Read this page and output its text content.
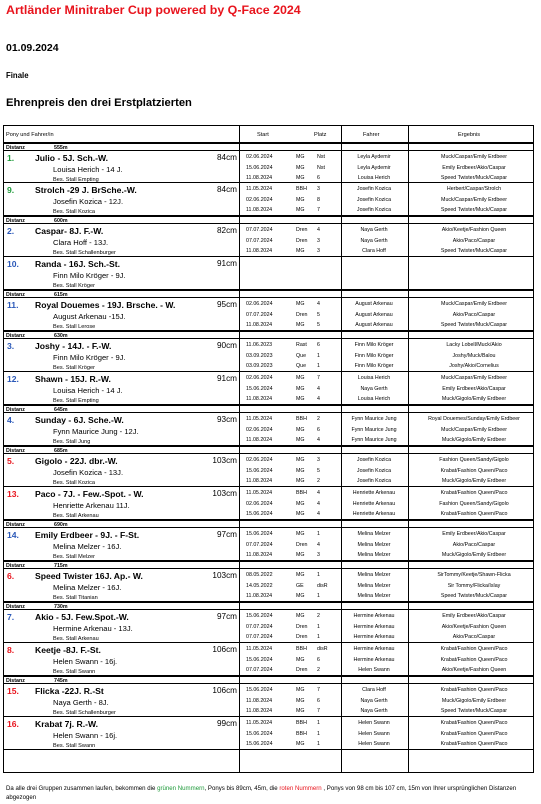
Artländer Minitraber Cup powered by Q-Face 2024
01.09.2024
Finale
Ehrenpreis den drei Erstplatzierten
Pony und Fahrer/in	Start	Platz	Fahrer	Ergebnis
Distanz	555m
1. Julio - 5J. Sch.-W.	84cm
Louisa Herich - 14 J.
Bes. Stall Empting
02.06.2024	MG Nst	Leyla Aydemir	Muck/Caspar/Emily Erdbeer
15.06.2024	MG Nst	Leyla Aydemir	Emily Erdbeer/Akio/Caspar
11.08.2024	MG 6	Louisa Herich	Speed Twister/Muck/Caspar
9. Strolch -29 J. BrSche.-W.	84cm
Josefin Kozica - 12J.
Bes. Stall Kozica
11.05.2024	BBH 3	Josefin Kozica	Herbert/Caspar/Strolch
02.06.2024	MG 8	Josefin Kozica	Muck/Caspar/Emily Erdbeer
11.08.2024	MG 7	Josefin Kozica	Speed Twister/Muck/Caspar
Distanz	600m
2. Caspar- 8J. F.-W.	82cm
Clara Hoff - 13J.
Bes. Stall Schallenburger
07.07.2024	Dren 4	Naya Gerth	Akio/Keetje/Fashion Queen
07.07.2024	Dren 3	Naya Gerth	Akio/Paco/Caspar
11.08.2024	MG 3	Clara Hoff	Speed Twister/Muck/Caspar
10. Randa - 16J. Sch.-St.	91cm
Finn Milo Kröger - 9J.
Bes. Stall Kröger
Distanz	615m
11. Royal Douemes - 19J. Brsche. - W.	95cm
August Arkenau -15J.
Bes. Stall Lerose
02.06.2024	MG 4	August Arkenau	Muck/Caspar/Emily Erdbeer
07.07.2024	Dren 5	August Arkenau	Akio/Paco/Caspar
11.08.2024	MG 5	August Arkenau	Speed Twister/Muck/Caspar
Distanz	630m
3. Joshy - 14J. - F.-W.	90cm
Finn Milo Kröger - 9J.
Bes. Stall Kröger
11.06.2023	Rast 6	Finn Milo Kröger	Lacky Lobell/Muck/Akio
03.09.2023	Que 1	Finn Milo Kröger	Joshy/Muck/Balou
03.09.2023	Que 1	Finn Milo Kröger	Joshy/Akio/Cornelius
12. Shawn - 15J. R.-W.	91cm
Louisa Herich - 14 J.
Bes. Stall Empting
02.06.2024	MG 7	Louisa Herich	Muck/Caspar/Emily Erdbeer
15.06.2024	MG 4	Naya Gerth	Emily Erdbeer/Akio/Caspar
11.08.2024	MG 4	Louisa Herich	Muck/Gigolo/Emily Erdbeer
Distanz	645m
4. Sunday - 6J. Sche.-W.	93cm
Fynn Maurice Jung - 12J.
Bes. Stall Jung
11.05.2024	BBH 2	Fynn Maurice Jung	Royal Douemes/Sunday/Emily Erdbeer
02.06.2024	MG 6	Fynn Maurice Jung	Muck/Caspar/Emily Erdbeer
11.08.2024	MG 4	Fynn Maurice Jung	Muck/Gigolo/Emily Erdbeer
Distanz	685m
5. Gigolo - 22J. dbr.-W.	103cm
Josefin Kozica - 13J.
Bes. Stall Kozica
02.06.2024	MG 3	Josefin Kozica	Fashion Queen/Sandy/Gigolo
15.06.2024	MG 5	Josefin Kozica	Krabat/Fashion Queen/Paco
11.08.2024	MG 2	Josefin Kozica	Muck/Gigolo/Emily Erdbeer
13. Paco - 7J. - Few.-Spot. - W.	103cm
Henriette Arkenau 11J.
Bes. Stall Arkenau
11.05.2024	BBH 4	Henriette Arkenau	Krabat/Fashion Queen/Paco
02.06.2024	MG 4	Henriette Arkenau	Fashion Queen/Sandy/Gigolo
15.06.2024	MG 4	Henriette Arkenau	Krabat/Fashion Queen/Paco
Distanz	690m
14. Emily Erdbeer - 9J. - F-St.	97cm
Melina Melzer - 16J.
Bes. Stall Melzer
15.06.2024	MG 1	Melina Melzer	Emily Erdbeer/Akio/Caspar
07.07.2024	Dren 4	Melina Melzer	Akio/Paco/Caspar
11.08.2024	MG 3	Melina Melzer	Muck/Gigolo/Emily Erdbeer
Distanz	715m
6. Speed Twister 16J. Ap.- W.	103cm
Melina Melzer - 16J.
Bes. Stall Titanian
08.05.2022	MG 1	Melina Melzer	SirTommy/Keetje/Shawn-Flicka
14.05.2022	GE	disR	Melina Melzer	Sir Tommy/Flicka/Islay
11.08.2024	MG 1	Melina Melzer	Speed Twister/Muck/Caspar
Distanz	730m
7. Akio - 5J. Few.Spot.-W.	97cm
Hermine Arkenau - 13J.
Bes. Stall Arkenau
15.06.2024	MG 2	Hermine Arkenau	Emily Erdbeer/Akio/Caspar
07.07.2024	Dren 1	Hermine Arkenau	Akio/Keetje/Fashion Queen
07.07.2024	Dren 1	Hermine Arkenau	Akio/Paco/Caspar
8. Keetje -8J. F.-St.	106cm
Helen Swann - 16j.
Bes. Stall Swann
11.05.2024	BBH disR	Hermine Arkenau	Krabat/Fashion Queen/Paco
15.06.2024	MG 6	Hermine Arkenau	Krabat/Fashion Queen/Paco
07.07.2024	Dren 2	Helen Swann	Akio/Keetje/Fashion Queen
Distanz	745m
15. Flicka -22J. R.-St	106cm
Naya Gerth - 8J.
Bes. Stall Schallenburger
15.06.2024	MG 7	Clara Hoff	Krabat/Fashion Queen/Paco
11.08.2024	MG 6	Naya Gerth	Muck/Gigolo/Emily Erdbeer
11.08.2024	MG 7	Naya Gerth	Speed Twister/Muck/Caspar
16. Krabat 7j. R.-W.	99cm
Helen Swann - 16j.
Bes. Stall Swann
11.05.2024	BBH 1	Helen Swann	Krabat/Fashion Queen/Paco
15.06.2024	BBH 1	Helen Swann	Krabat/Fashion Queen/Paco
15.06.2024	MG 1	Helen Swann	Krabat/Fashion Queen/Paco
Da alle drei Gruppen zusammen laufen, bekommen die grünen Nummern, Ponys bis 89cm, 45m, die roten Nummern , Ponys von 98 cm bis 107 cm, 15m von Ihrer ursprünglichen Distanzen abgezogen
